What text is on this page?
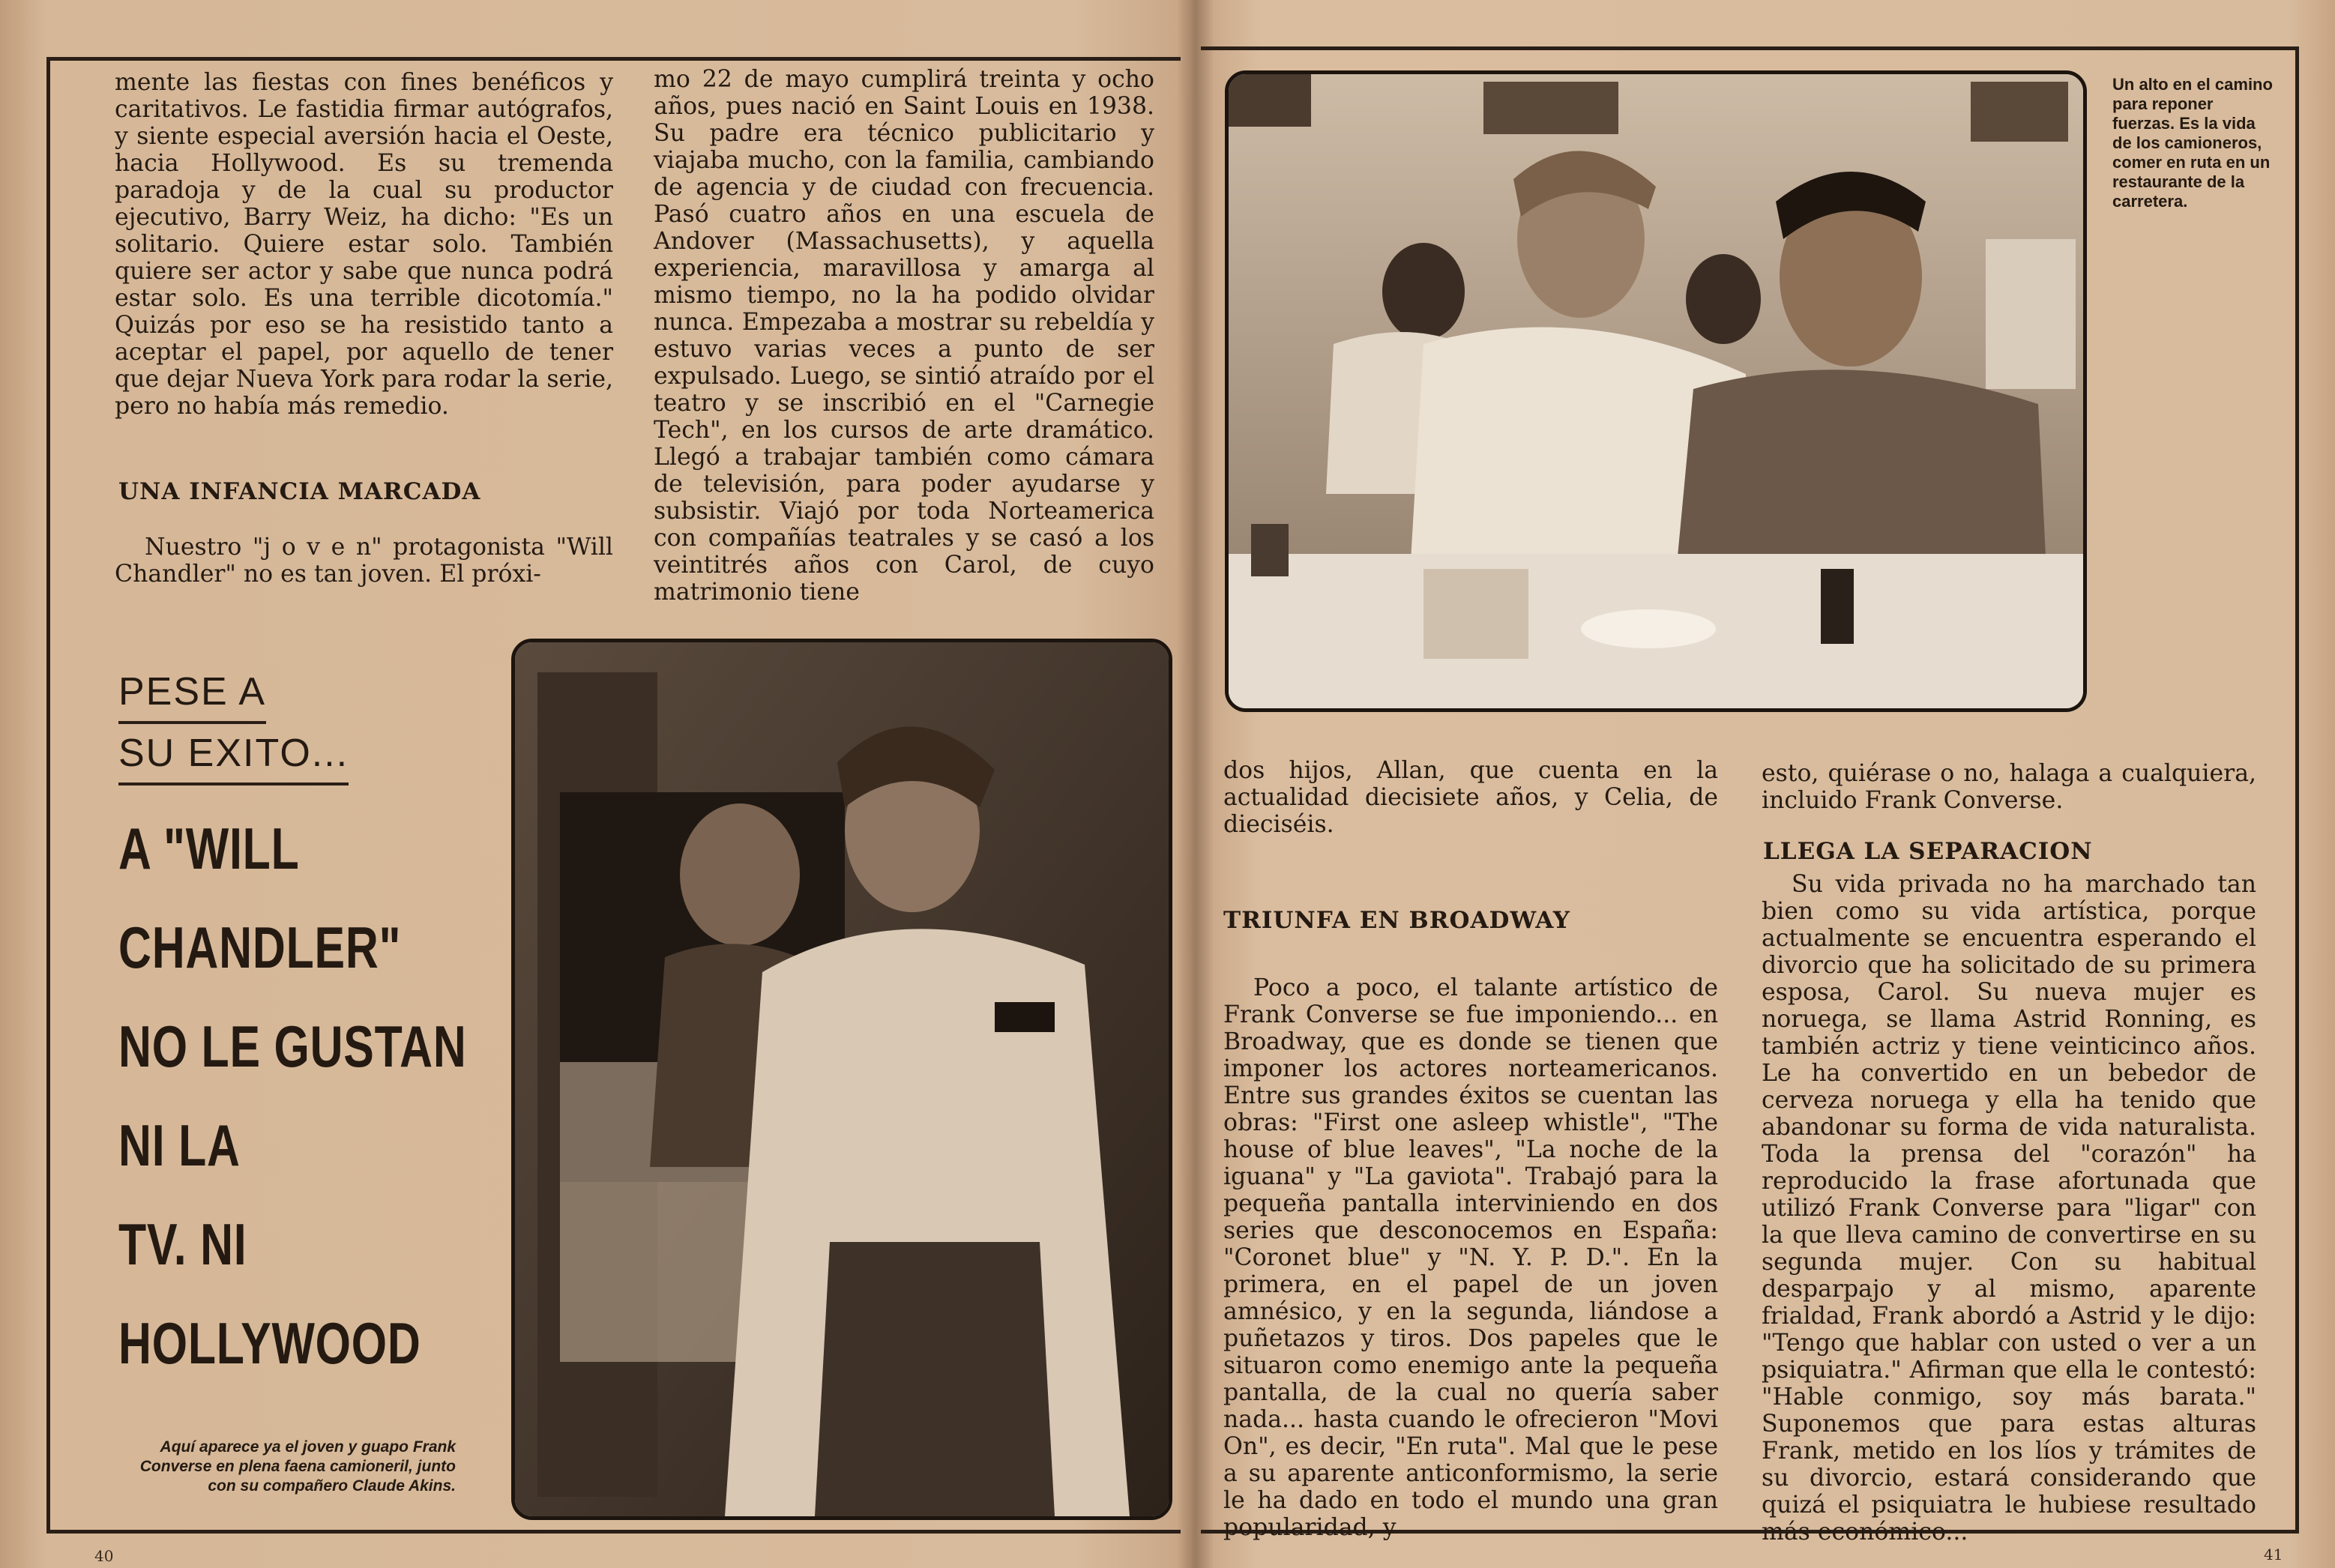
mente las fiestas con fines benéficos y caritativos. Le fastidia firmar autógrafos, y siente especial aversión hacia el Oeste, hacia Hollywood. Es su tremenda paradoja y de la cual su productor ejecutivo, Barry Weiz, ha dicho: "Es un solitario. Quiere estar solo. También quiere ser actor y sabe que nunca podrá estar solo. Es una terrible dicotomía." Quizás por eso se ha resistido tanto a aceptar el papel, por aquello de tener que dejar Nueva York para rodar la serie, pero no había más remedio.

UNA INFANCIA MARCADA

Nuestro "j o v e n" protagonista "Will Chandler" no es tan joven. El próxi-

mo 22 de mayo cumplirá treinta y ocho años, pues nació en Saint Louis en 1938. Su padre era técnico publicitario y viajaba mucho, con la familia, cambiando de agencia y de ciudad con frecuencia. Pasó cuatro años en una escuela de Andover (Massachusetts), y aquella experiencia, maravillosa y amarga al mismo tiempo, no la ha podido olvidar nunca. Empezaba a mostrar su rebeldía y estuvo varias veces a punto de ser expulsado. Luego, se sintió atraído por el teatro y se inscribió en el "Carnegie Tech", en los cursos de arte dramático. Llegó a trabajar también como cámara de televisión, para poder ayudarse y subsistir. Viajó por toda Norteamerica con compañías teatrales y se casó a los veintitrés años con Carol, de cuyo matrimonio tiene

PESE A
SU EXITO...
A "WILL
CHANDLER"
NO LE GUSTAN
NI LA
TV. NI
HOLLYWOOD
Aquí aparece ya el joven y guapo Frank Converse en plena faena camioneril, junto con su compañero Claude Akins.
Un alto en el camino para reponer fuerzas. Es la vida de los camioneros, comer en ruta en un restaurante de la carretera.

dos hijos, Allan, que cuenta en la actualidad diecisiete años, y Celia, de dieciséis.

TRIUNFA EN BROADWAY

Poco a poco, el talante artístico de Frank Converse se fue imponiendo... en Broadway, que es donde se tienen que imponer los actores norteamericanos. Entre sus grandes éxitos se cuentan las obras: "First one asleep whistle", "The house of blue leaves", "La noche de la iguana" y "La gaviota". Trabajó para la pequeña pantalla interviniendo en dos series que desconocemos en España: "Coronet blue" y "N. Y. P. D.". En la primera, en el papel de un joven amnésico, y en la segunda, liándose a puñetazos y tiros. Dos papeles que le situaron como enemigo ante la pequeña pantalla, de la cual no quería saber nada... hasta cuando le ofrecieron "Movi On", es decir, "En ruta". Mal que le pese a su aparente anticonformismo, la serie le ha dado en todo el mundo una gran popularidad, y

esto, quiérase o no, halaga a cualquiera, incluido Frank Converse.

LLEGA LA SEPARACION

Su vida privada no ha marchado tan bien como su vida artística, porque actualmente se encuentra esperando el divorcio que ha solicitado de su primera esposa, Carol. Su nueva mujer es noruega, se llama Astrid Ronning, es también actriz y tiene veinticinco años. Le ha convertido en un bebedor de cerveza noruega y ella ha tenido que abandonar su forma de vida naturalista. Toda la prensa del "corazón" ha reproducido la frase afortunada que utilizó Frank Converse para "ligar" con la que lleva camino de convertirse en su segunda mujer. Con su habitual desparpajo y al mismo, aparente frialdad, Frank abordó a Astrid y le dijo: "Tengo que hablar con usted o ver a un psiquiatra." Afirman que ella le contestó: "Hable conmigo, soy más barata." Suponemos que para estas alturas Frank, metido en los líos y trámites de su divorcio, estará considerando que quizá el psiquiatra le hubiese resultado más económico...

40	41
